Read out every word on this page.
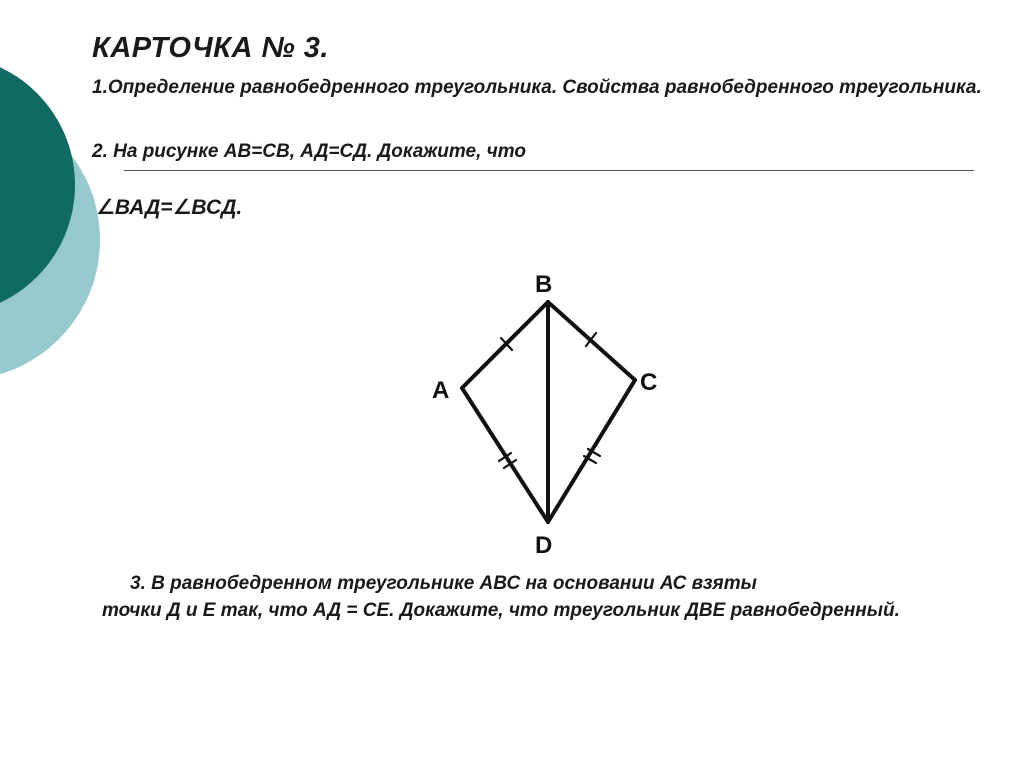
КАРТОЧКА № 3.
1.Определение равнобедренного треугольника. Свойства равнобедренного треугольника.
2. На рисунке АВ=СВ, АД=СД. Докажите, что
∠ВАД=∠ВСД.
B
A	C
D
3. В равнобедренном треугольнике АВС на основании АС взяты
точки Д и Е так, что АД = СЕ. Докажите, что треугольник ДВЕ равнобедренный.
